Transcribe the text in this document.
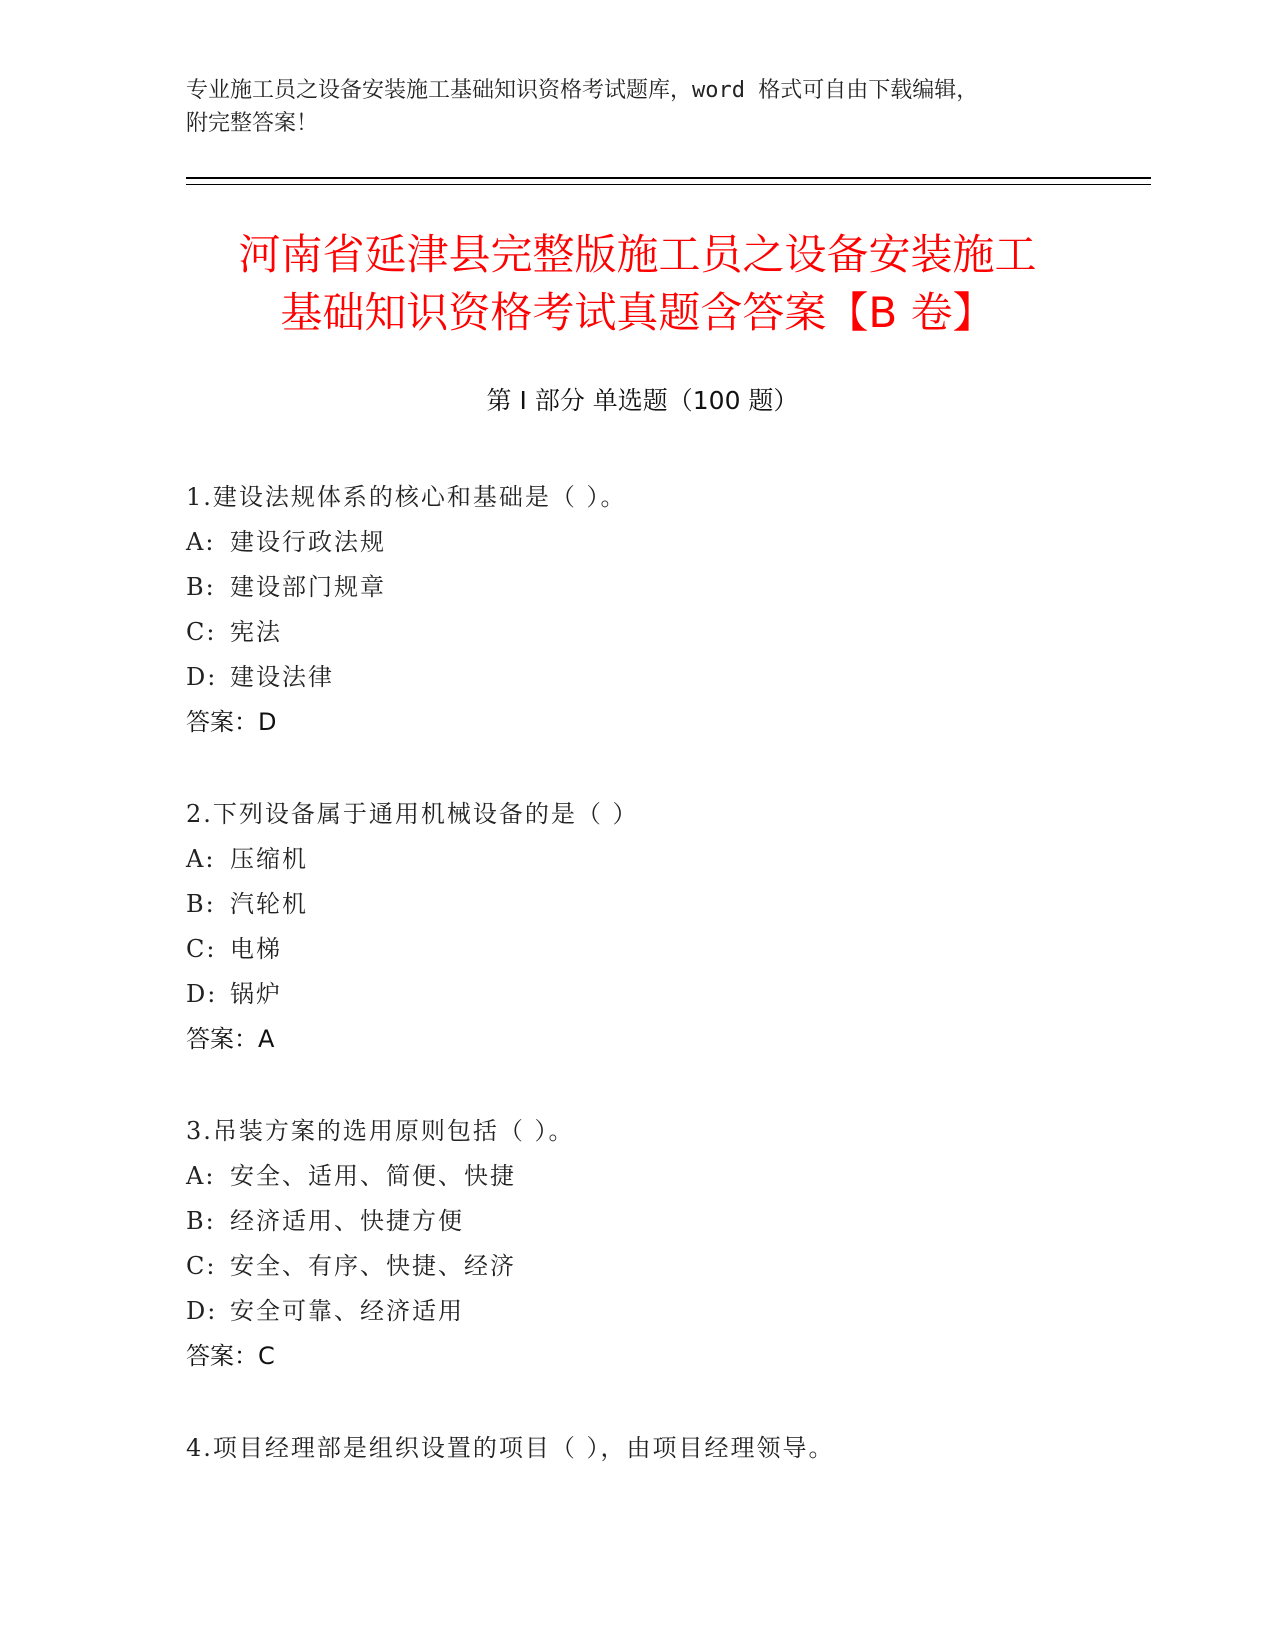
专业施工员之设备安装施工基础知识资格考试题库，word 格式可自由下载编辑，
附完整答案！
河南省延津县完整版施工员之设备安装施工
基础知识资格考试真题含答案【B 卷】
第 I 部分 单选题（100 题）
1.建设法规体系的核心和基础是（ ）。
A: 建设行政法规
B: 建设部门规章
C: 宪法
D: 建设法律
答案：D
2.下列设备属于通用机械设备的是（ ）
A: 压缩机
B: 汽轮机
C: 电梯
D: 锅炉
答案：A
3.吊装方案的选用原则包括（ ）。
A: 安全、适用、简便、快捷
B: 经济适用、快捷方便
C: 安全、有序、快捷、经济
D: 安全可靠、经济适用
答案：C
4.项目经理部是组织设置的项目（ ），由项目经理领导。
